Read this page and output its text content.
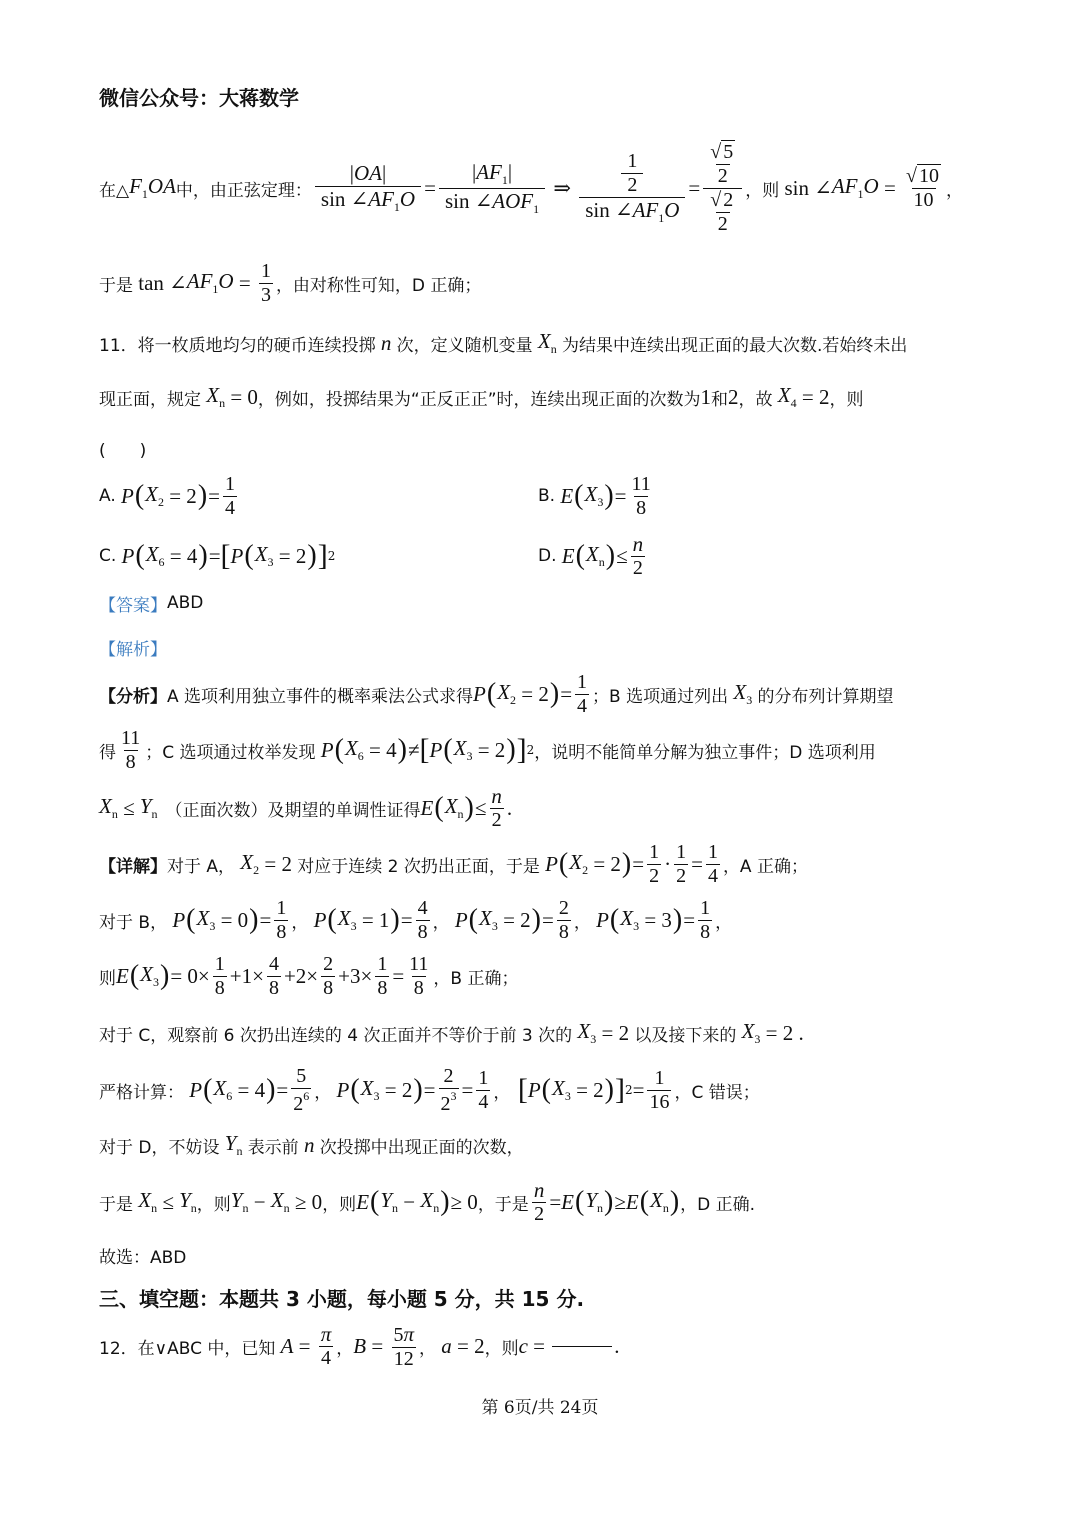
微信公众号：大蒋数学
在△ $F_1OA$ 中，由正弦定理： $\frac{|OA|}{\sin \angle AF_1O} = \frac{|AF_1|}{\sin \angle AOF_1}$ ⇒ $\frac{\frac{1}{2}}{\sin \angle AF_1O} = \frac{\frac{√ 5}{2}}{\frac{√ 2}{2}}$ ，则 sin ∠ $AF_1O = \frac{√ 10}{10}$ ，
于是 tan ∠ $AF_1O = \frac{1}{3}$ ，由对称性可知，D 正确；
11．将一枚质地均匀的硬币连续投掷 n 次，定义随机变量 $X_n$ 为结果中连续出现正面的最大次数.若始终未出
现正面，规定 $X_n = 0$ ，例如，投掷结果为“正反正正”时，连续出现正面的次数为 1 和 2 ，故 $X_4 = 2$ ，则
(　　)
A. P ( $X_2 = 2$ ) = $\frac{1}{4}$	B. E ( $X_3$ ) = $\frac{11}{8}$
C. P ( $X_6 = 4$ ) = [ P ( $X_3 = 2$ ) ] 2	D. E ( $X_n$ ) ≤ $\frac{n}{2}$
【答案】 ABD
【解析】
【分析】 A 选项利用独立事件的概率乘法公式求得 P ( $X_2 = 2$ ) = $\frac{1}{4}$ ；B 选项通过列出 $X_3$ 的分布列计算期望
得 $\frac{11}{8}$ ；C 选项通过枚举发现 P ( $X_6 = 4$ ) ≠ [ P ( $X_3 = 2$ ) ] 2 ，说明不能简单分解为独立事件；D 选项利用
$X_n \le Y_n$ （正面次数）及期望的单调性证得 E ( $X_n$ ) ≤ $\frac{n}{2}$ .
【详解】 对于 A， $X_2 = 2$ 对应于连续 2 次扔出正面，于是 P ( $X_2 = 2$ ) = $\frac{1}{2} \cdot \frac{1}{2} = \frac{1}{4}$ ，A 正确；
对于 B， P ( $X_3 = 0$ ) = $\frac{1}{8}$ ， P ( $X_3 = 1$ ) = $\frac{4}{8}$ ， P ( $X_3 = 2$ ) = $\frac{2}{8}$ ， P ( $X_3 = 3$ ) = $\frac{1}{8}$ ，
则 E ( $X_3$ ) = $0\times \frac{1}{8} +1\times \frac{4}{8} +2\times \frac{2}{8} +3\times \frac{1}{8} = \frac{11}{8}$ ，B 正确；
对于 C，观察前 6 次扔出连续的 4 次正面并不等价于前 3 次的 $X_3 = 2$ 以及接下来的 $X_3 = 2$ .
严格计算： P ( $X_6 = 4$ ) = $\frac{5}{2^6}$ ， P ( $X_3 = 2$ ) = $\frac{2}{2^3} = \frac{1}{4}$ ， [ P ( $X_3 = 2$ ) ] $2 = \frac{1}{16}$ ，C 错误；
对于 D，不妨设 $Y_n$ 表示前 n 次投掷中出现正面的次数，
于是 $X_n \le Y_n$ ，则 $Y_n - X_n \ge 0$ ，则 E ( $Y_n - X_n$ ) ≥ 0 ，于是 $\frac{n}{2} = E$ ( $Y_n$ ) ≥ E ( $X_n$ ) ，D 正确.
故选：ABD
三、填空题：本题共 3 小题，每小题 5 分，共 15 分.
12．在∨ABC 中，已知 $A = \frac{\pi}{4}$ ， $B = \frac{5\pi}{12}$ ， a = 2 ，则 c =	.
第 6页/共 24页
